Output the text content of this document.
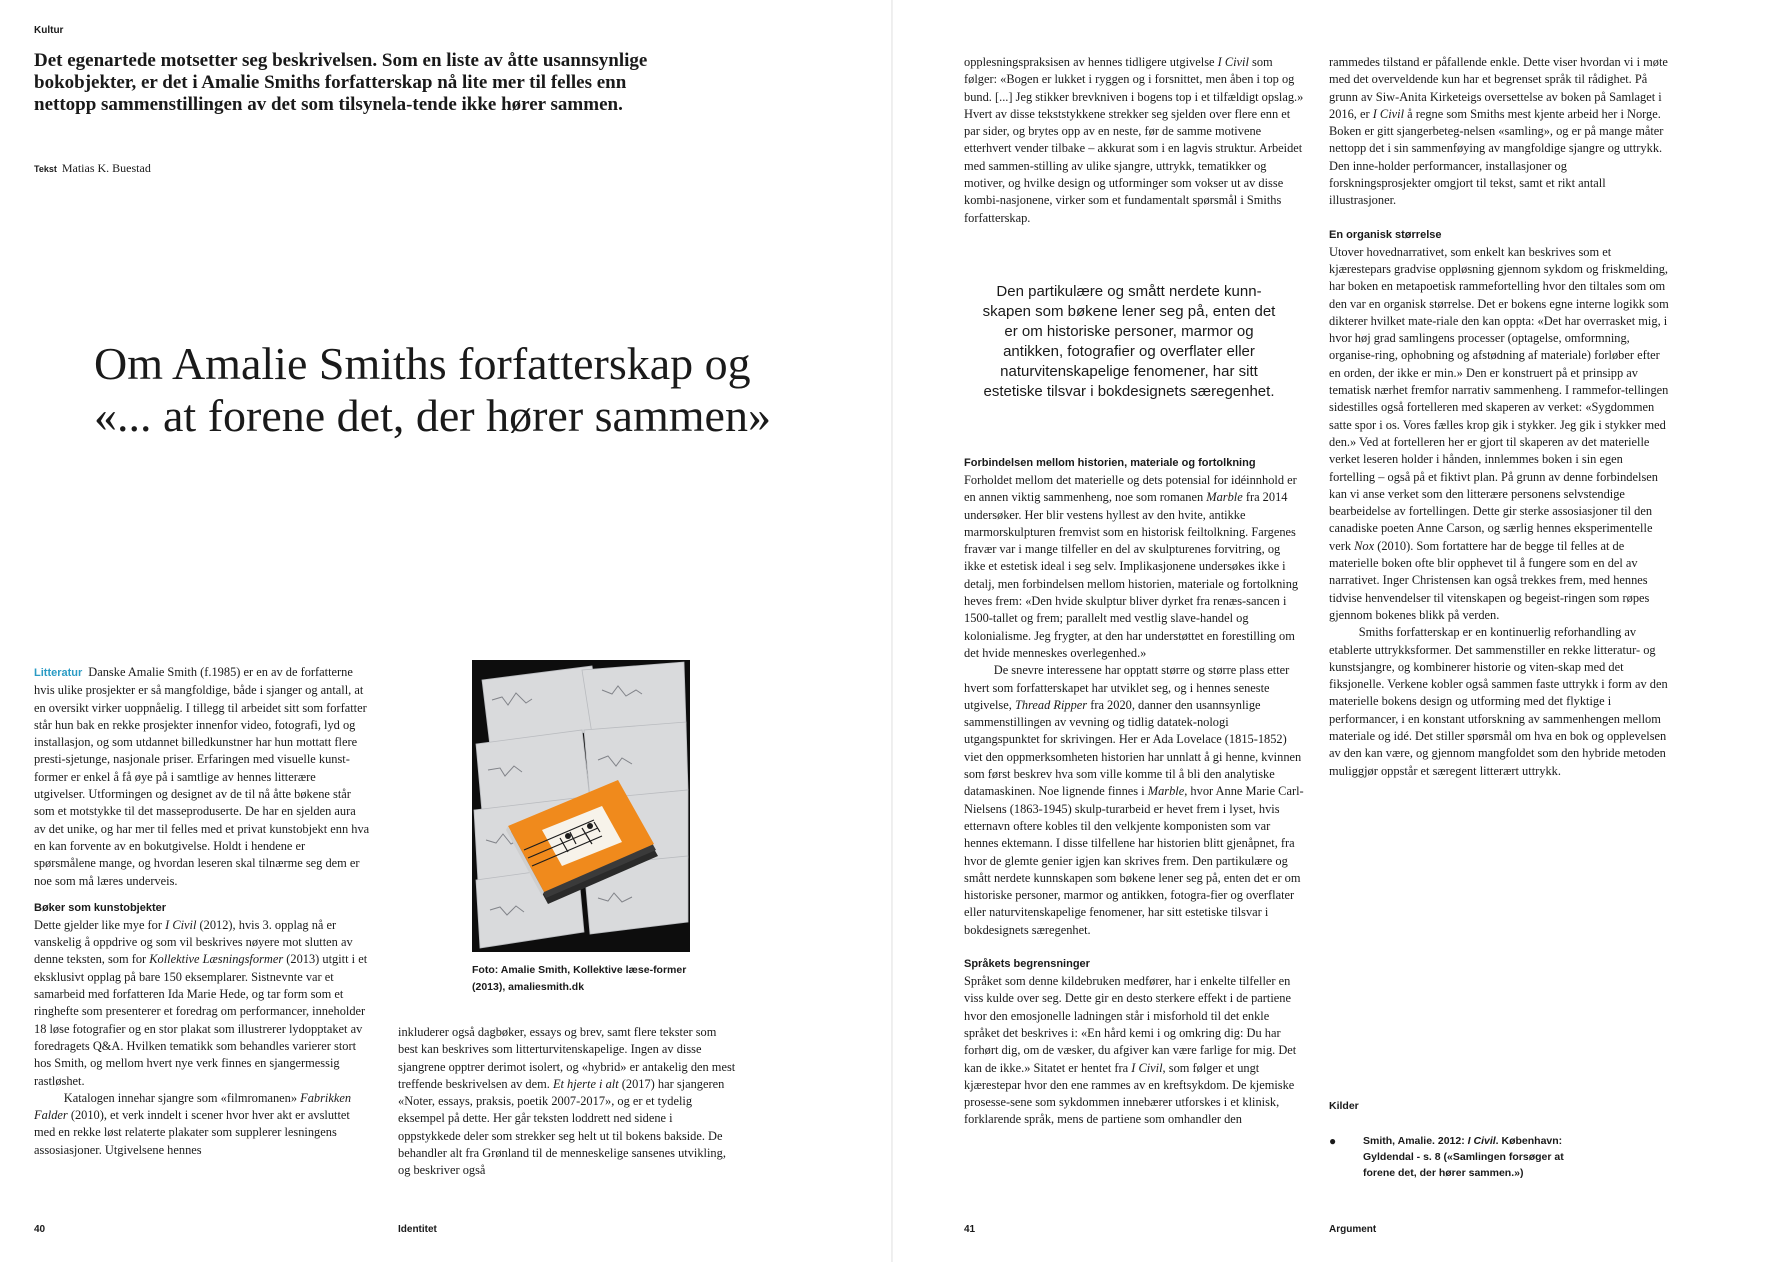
Kultur
Det egenartede motsetter seg beskrivelsen. Som en liste av åtte usannsynlige bokobjekter, er det i Amalie Smiths forfatterskap nå lite mer til felles enn nettopp sammenstillingen av det som tilsynela-tende ikke hører sammen.
Tekst Matias K. Buestad
Om Amalie Smiths forfatterskap og «... at forene det, der hører sammen»

Litteratur Danske Amalie Smith (f.1985) er en av de forfatterne hvis ulike prosjekter er så mangfoldige, både i sjanger og antall, at en oversikt virker uoppnåelig. I tillegg til arbeidet sitt som forfatter står hun bak en rekke prosjekter innenfor video, fotografi, lyd og installasjon, og som utdannet billedkunstner har hun mottatt flere presti-sjetunge, nasjonale priser. Erfaringen med visuelle kunst-former er enkel å få øye på i samtlige av hennes litterære utgivelser. Utformingen og designet av de til nå åtte bøkene står som et motstykke til det masseproduserte. De har en sjelden aura av det unike, og har mer til felles med et privat kunstobjekt enn hva en kan forvente av en bokutgivelse. Holdt i hendene er spørsmålene mange, og hvordan leseren skal tilnærme seg dem er noe som må læres underveis.

Bøker som kunstobjekter

Dette gjelder like mye for I Civil (2012), hvis 3. opplag nå er vanskelig å oppdrive og som vil beskrives nøyere mot slutten av denne teksten, som for Kollektive Læsningsformer (2013) utgitt i et eksklusivt opplag på bare 150 eksemplarer. Sistnevnte var et samarbeid med forfatteren Ida Marie Hede, og tar form som et ringhefte som presenterer et foredrag om performancer, inneholder 18 løse fotografier og en stor plakat som illustrerer lydopptaket av foredragets Q&A. Hvilken tematikk som behandles varierer stort hos Smith, og mellom hvert nye verk finnes en sjangermessig rastløshet.

Katalogen innehar sjangre som «filmromanen» Fabrikken Falder (2010), et verk inndelt i scener hvor hver akt er avsluttet med en rekke løst relaterte plakater som supplerer lesningens assosiasjoner. Utgivelsene hennes

Foto: Amalie Smith, Kollektive læse-former (2013), amaliesmith.dk

inkluderer også dagbøker, essays og brev, samt flere tekster som best kan beskrives som litterturvitenskapelige. Ingen av disse sjangrene opptrer derimot isolert, og «hybrid» er antakelig den mest treffende beskrivelsen av dem. Et hjerte i alt (2017) har sjangeren «Noter, essays, praksis, poetik 2007-2017», og er et tydelig eksempel på dette. Her går teksten loddrett ned sidene i oppstykkede deler som strekker seg helt ut til bokens bakside. De behandler alt fra Grønland til de menneskelige sansenes utvikling, og beskriver også

40	Identitet

opplesningspraksisen av hennes tidligere utgivelse I Civil som følger: «Bogen er lukket i ryggen og i forsnittet, men åben i top og bund. [...] Jeg stikker brevkniven i bogens top i et tilfældigt opslag.» Hvert av disse tekststykkene strekker seg sjelden over flere enn et par sider, og brytes opp av en neste, før de samme motivene etterhvert vender tilbake – akkurat som i en lagvis struktur. Arbeidet med sammen-stilling av ulike sjangre, uttrykk, tematikker og motiver, og hvilke design og utforminger som vokser ut av disse kombi-nasjonene, virker som et fundamentalt spørsmål i Smiths forfatterskap.

Den partikulære og smått nerdete kunn-skapen som bøkene lener seg på, enten det er om historiske personer, marmor og antikken, fotografier og overflater eller naturvitenskapelige fenomener, har sitt estetiske tilsvar i bokdesignets særegenhet.
Forbindelsen mellom historien, materiale og fortolkning

Forholdet mellom det materielle og dets potensial for idéinnhold er en annen viktig sammenheng, noe som romanen Marble fra 2014 undersøker. Her blir vestens hyllest av den hvite, antikke marmorskulpturen fremvist som en historisk feiltolkning. Fargenes fravær var i mange tilfeller en del av skulpturenes forvitring, og ikke et estetisk ideal i seg selv. Implikasjonene undersøkes ikke i detalj, men forbindelsen mellom historien, materiale og fortolkning heves frem: «Den hvide skulptur bliver dyrket fra renæs-sancen i 1500-tallet og frem; parallelt med vestlig slave-handel og kolonialisme. Jeg frygter, at den har understøttet en forestilling om det hvide menneskes overlegenhed.»

De snevre interessene har opptatt større og større plass etter hvert som forfatterskapet har utviklet seg, og i hennes seneste utgivelse, Thread Ripper fra 2020, danner den usannsynlige sammenstillingen av vevning og tidlig datatek-nologi utgangspunktet for skrivingen. Her er Ada Lovelace (1815-1852) viet den oppmerksomheten historien har unnlatt å gi henne, kvinnen som først beskrev hva som ville komme til å bli den analytiske datamaskinen. Noe lignende finnes i Marble, hvor Anne Marie Carl-Nielsens (1863-1945) skulp-turarbeid er hevet frem i lyset, hvis etternavn oftere kobles til den velkjente komponisten som var hennes ektemann. I disse tilfellene har historien blitt gjenåpnet, fra hvor de glemte genier igjen kan skrives frem. Den partikulære og smått nerdete kunnskapen som bøkene lener seg på, enten det er om historiske personer, marmor og antikken, fotogra-fier og overflater eller naturvitenskapelige fenomener, har sitt estetiske tilsvar i bokdesignets særegenhet.

Språkets begrensninger

Språket som denne kildebruken medfører, har i enkelte tilfeller en viss kulde over seg. Dette gir en desto sterkere effekt i de partiene hvor den emosjonelle ladningen står i misforhold til det enkle språket det beskrives i: «En hård kemi i og omkring dig: Du har forhørt dig, om de væsker, du afgiver kan være farlige for mig. Det kan de ikke.» Sitatet er hentet fra I Civil, som følger et ungt kjærestepar hvor den ene rammes av en kreftsykdom. De kjemiske prosesse-sene som sykdommen innebærer utforskes i et klinisk, forklarende språk, mens de partiene som omhandler den

rammedes tilstand er påfallende enkle. Dette viser hvordan vi i møte med det overveldende kun har et begrenset språk til rådighet. På grunn av Siw-Anita Kirketeigs oversettelse av boken på Samlaget i 2016, er I Civil å regne som Smiths mest kjente arbeid her i Norge. Boken er gitt sjangerbeteg-nelsen «samling», og er på mange måter nettopp det i sin sammenføying av mangfoldige sjangre og uttrykk. Den inne-holder performancer, installasjoner og forskningsprosjekter omgjort til tekst, samt et rikt antall illustrasjoner.

En organisk størrelse

Utover hovednarrativet, som enkelt kan beskrives som et kjærestepars gradvise oppløsning gjennom sykdom og friskmelding, har boken en metapoetisk rammefortelling hvor den tiltales som om den var en organisk størrelse. Det er bokens egne interne logikk som dikterer hvilket mate-riale den kan oppta: «Det har overrasket mig, i hvor høj grad samlingens processer (optagelse, omformning, organise-ring, ophobning og afstødning af materiale) forløber efter en orden, der ikke er min.» Den er konstruert på et prinsipp av tematisk nærhet fremfor narrativ sammenheng. I rammefor-tellingen sidestilles også fortelleren med skaperen av verket: «Sygdommen satte spor i os. Vores fælles krop gik i stykker. Jeg gik i stykker med den.» Ved at fortelleren her er gjort til skaperen av det materielle verket leseren holder i hånden, innlemmes boken i sin egen fortelling – også på et fiktivt plan. På grunn av denne forbindelsen kan vi anse verket som den litterære personens selvstendige bearbeidelse av fortellingen. Dette gir sterke assosiasjoner til den canadiske poeten Anne Carson, og særlig hennes eksperimentelle verk Nox (2010). Som fortattere har de begge til felles at de materielle boken ofte blir opphevet til å fungere som en del av narrativet. Inger Christensen kan også trekkes frem, med hennes tidvise henvendelser til vitenskapen og begeist-ringen som røpes gjennom bokenes blikk på verden.

Smiths forfatterskap er en kontinuerlig reforhandling av etablerte uttrykksformer. Det sammenstiller en rekke litteratur- og kunstsjangre, og kombinerer historie og viten-skap med det fiksjonelle. Verkene kobler også sammen faste uttrykk i form av den materielle bokens design og utforming med det flyktige i performancer, i en konstant utforskning av sammenhengen mellom materiale og idé. Det stiller spørsmål om hva en bok og opplevelsen av den kan være, og gjennom mangfoldet som den hybride metoden muliggjør oppstår et særegent litterært uttrykk.

Kilder
●	Smith, Amalie. 2012: I Civil. København: Gyldendal - s. 8 («Samlingen forsøger at forene det, der hører sammen.»)
41	Argument
